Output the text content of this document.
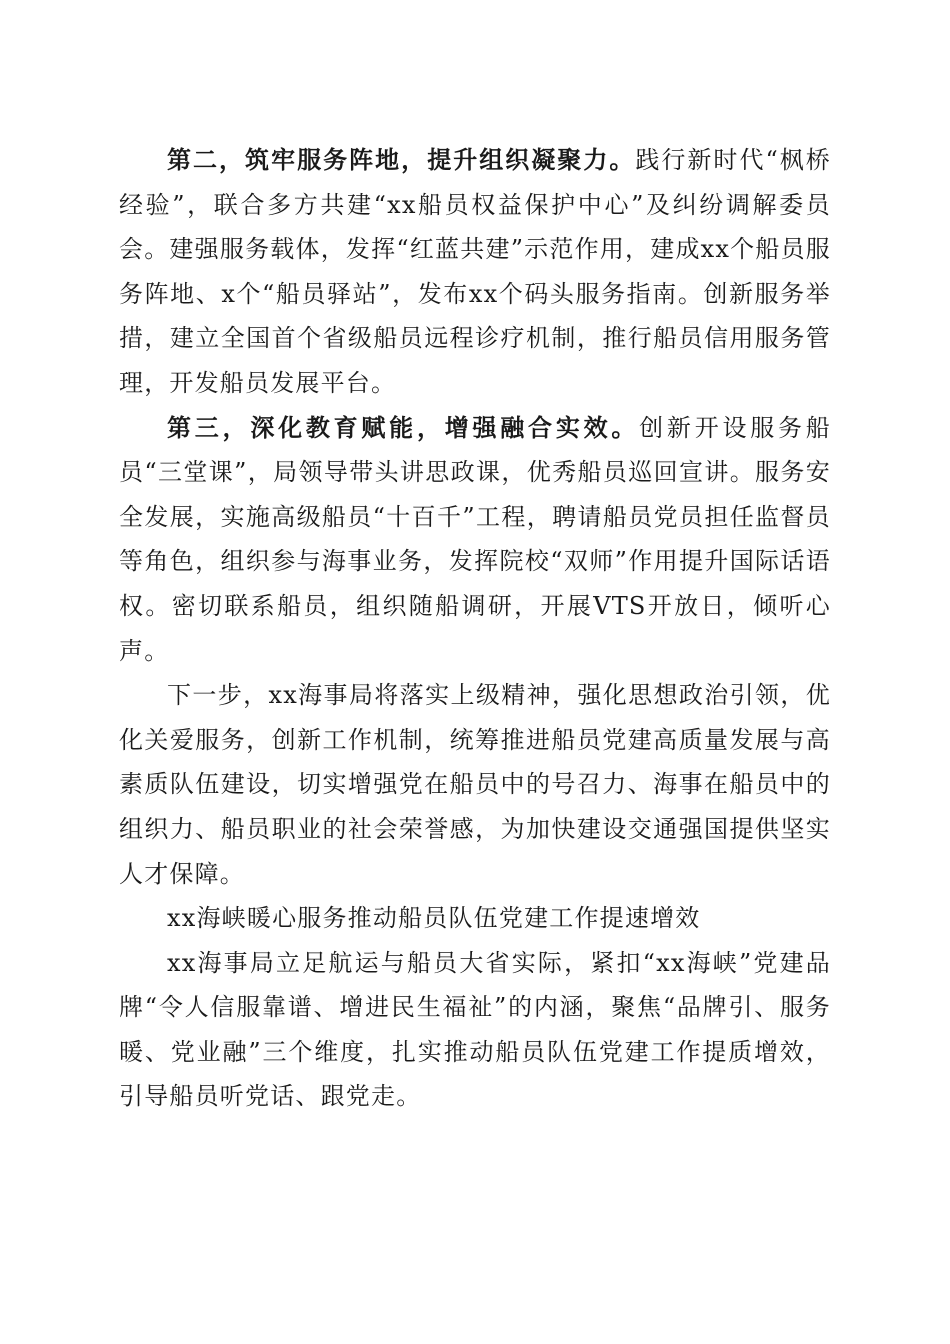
第二，筑牢服务阵地，提升组织凝聚力。践行新时代“枫桥经验”，联合多方共建“xx船员权益保护中心”及纠纷调解委员会。建强服务载体，发挥“红蓝共建”示范作用，建成xx个船员服务阵地、x个“船员驿站”，发布xx个码头服务指南。创新服务举措，建立全国首个省级船员远程诊疗机制，推行船员信用服务管理，开发船员发展平台。

第三，深化教育赋能，增强融合实效。创新开设服务船员“三堂课”，局领导带头讲思政课，优秀船员巡回宣讲。服务安全发展，实施高级船员“十百千”工程，聘请船员党员担任监督员等角色，组织参与海事业务，发挥院校“双师”作用提升国际话语权。密切联系船员，组织随船调研，开展VTS开放日，倾听心声。

下一步，xx海事局将落实上级精神，强化思想政治引领，优化关爱服务，创新工作机制，统筹推进船员党建高质量发展与高素质队伍建设，切实增强党在船员中的号召力、海事在船员中的组织力、船员职业的社会荣誉感，为加快建设交通强国提供坚实人才保障。

xx海峡暖心服务推动船员队伍党建工作提速增效

xx海事局立足航运与船员大省实际，紧扣“xx海峡”党建品牌“令人信服靠谱、增进民生福祉”的内涵，聚焦“品牌引、服务暖、党业融”三个维度，扎实推动船员队伍党建工作提质增效，引导船员听党话、跟党走。
